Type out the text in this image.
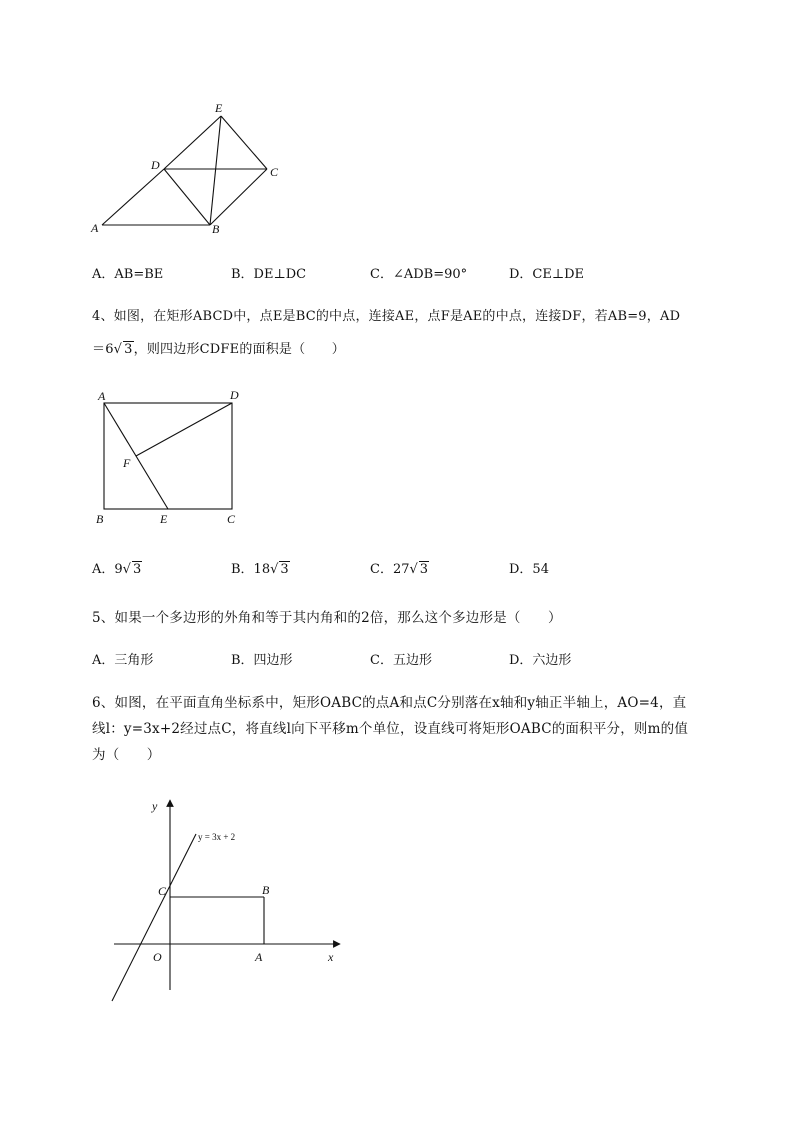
E
D	C
A	B
A．AB=BE	B．DE⊥DC	C．∠ADB=90°	D．CE⊥DE
4、如图，在矩形ABCD中，点E是BC的中点，连接AE，点F是AE的中点，连接DF，若AB=9，AD
＝6√ 3，则四边形CDFE的面积是（　　）
A	D
F
B	E	C
A．9√ 3	B．18√ 3	C．27√ 3	D．54
5、如果一个多边形的外角和等于其内角和的2倍，那么这个多边形是（　　）
A．三角形	B．四边形	C．五边形	D．六边形
6、如图，在平面直角坐标系中，矩形OABC的点A和点C分别落在x轴和y轴正半轴上，AO=4，直
线l：y=3x+2经过点C，将直线l向下平移m个单位，设直线可将矩形OABC的面积平分，则m的值
为（　　）
y
y = 3x + 2
C	B
O	A	x
